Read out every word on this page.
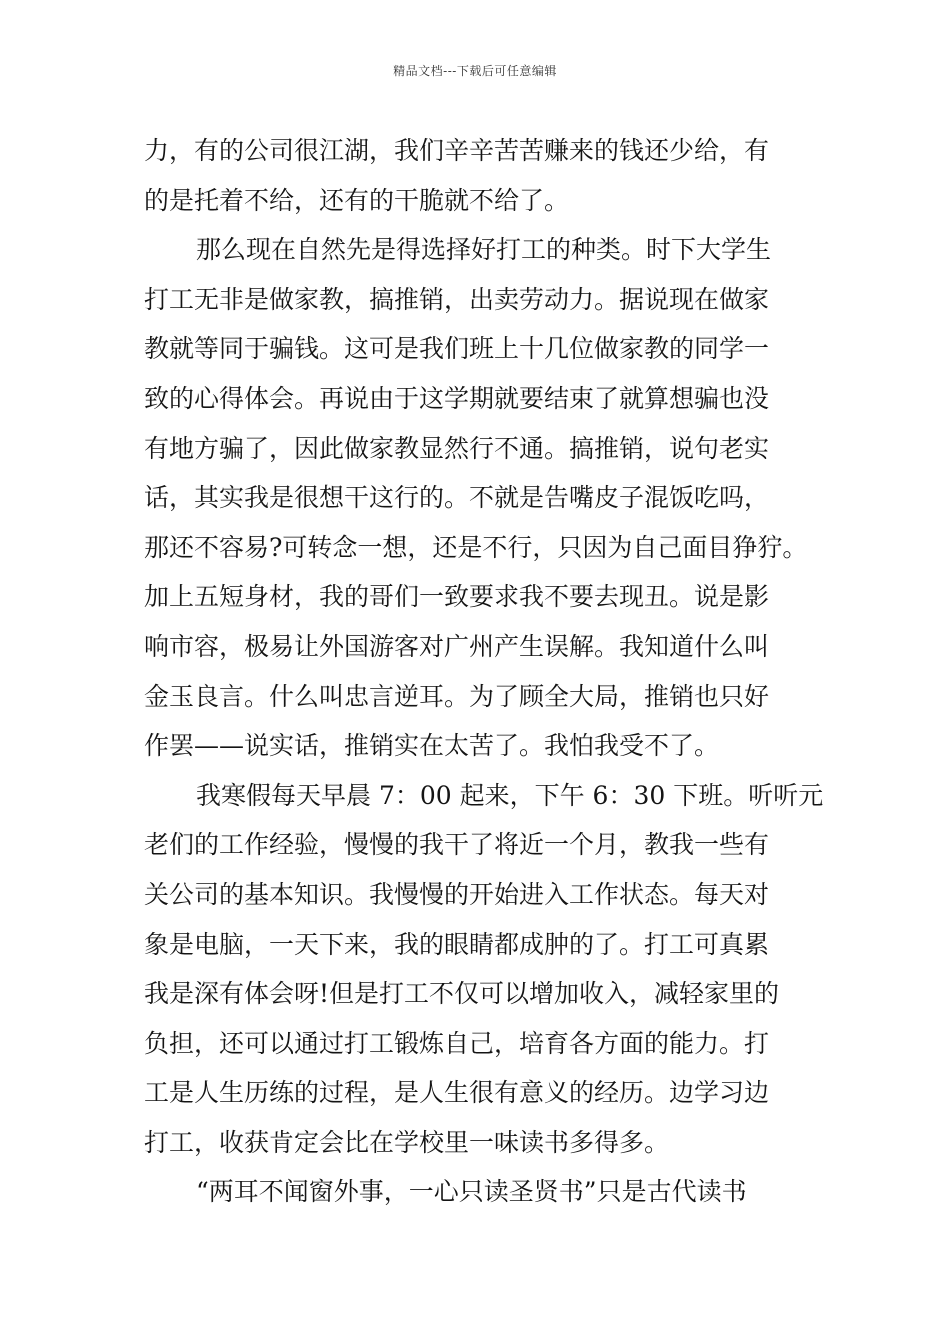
精品文档---下载后可任意编辑
力，有的公司很江湖，我们辛辛苦苦赚来的钱还少给，有
的是托着不给，还有的干脆就不给了。
那么现在自然先是得选择好打工的种类。时下大学生
打工无非是做家教，搞推销，出卖劳动力。据说现在做家
教就等同于骗钱。这可是我们班上十几位做家教的同学一
致的心得体会。再说由于这学期就要结束了就算想骗也没
有地方骗了，因此做家教显然行不通。搞推销，说句老实
话，其实我是很想干这行的。不就是告嘴皮子混饭吃吗，
那还不容易?可转念一想，还是不行，只因为自己面目狰狞。
加上五短身材，我的哥们一致要求我不要去现丑。说是影
响市容，极易让外国游客对广州产生误解。我知道什么叫
金玉良言。什么叫忠言逆耳。为了顾全大局，推销也只好
作罢——说实话，推销实在太苦了。我怕我受不了。
我寒假每天早晨 7：00 起来，下午 6：30 下班。听听元
老们的工作经验，慢慢的我干了将近一个月，教我一些有
关公司的基本知识。我慢慢的开始进入工作状态。每天对
象是电脑，一天下来，我的眼睛都成肿的了。打工可真累
我是深有体会呀!但是打工不仅可以增加收入，减轻家里的
负担，还可以通过打工锻炼自己，培育各方面的能力。打
工是人生历练的过程，是人生很有意义的经历。边学习边
打工，收获肯定会比在学校里一味读书多得多。
“两耳不闻窗外事，一心只读圣贤书”只是古代读书
